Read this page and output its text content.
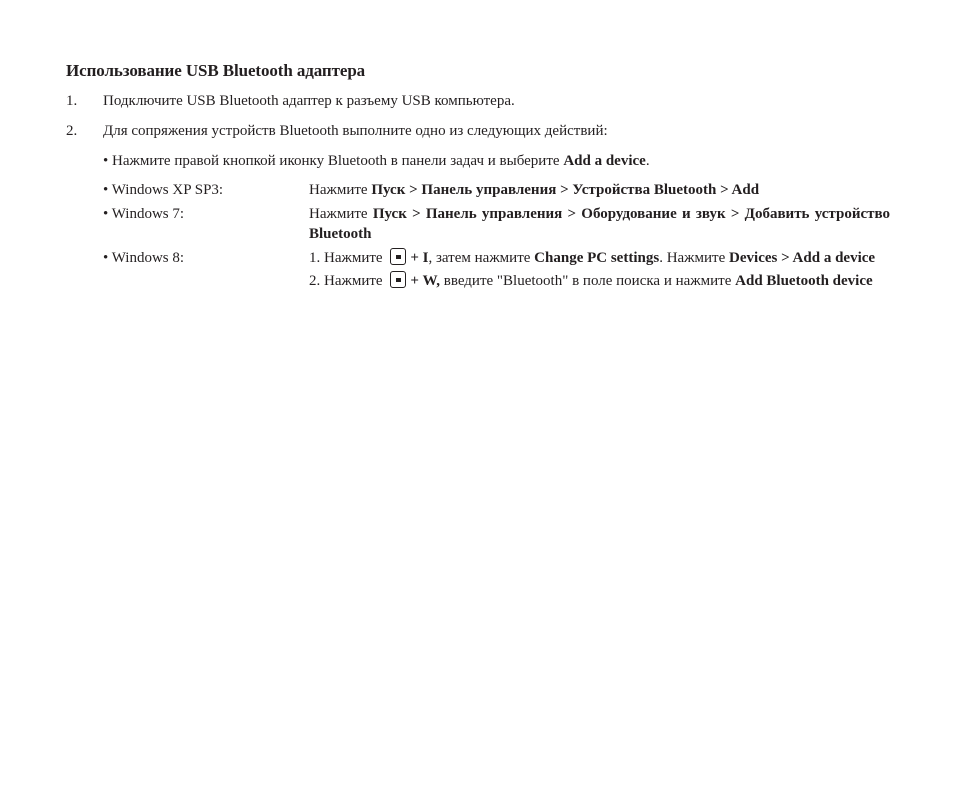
Использование USB Bluetooth адаптера
1. Подключите USB Bluetooth адаптер к разъему USB компьютера.
2. Для сопряжения устройств Bluetooth выполните одно из следующих действий:
• Нажмите правой кнопкой иконку Bluetooth в панели задач и выберите Add a device.
• Windows XP SP3:	Нажмите Пуск > Панель управления > Устройства Bluetooth > Add
• Windows 7:	Нажмите Пуск > Панель управления > Оборудование и звук > Добавить устройство Bluetooth
• Windows 8:	1. Нажмите + I, затем нажмите Change PC settings. Нажмите Devices > Add a device

2. Нажмите + W, введите "Bluetooth" в поле поиска и нажмите Add Bluetooth device
